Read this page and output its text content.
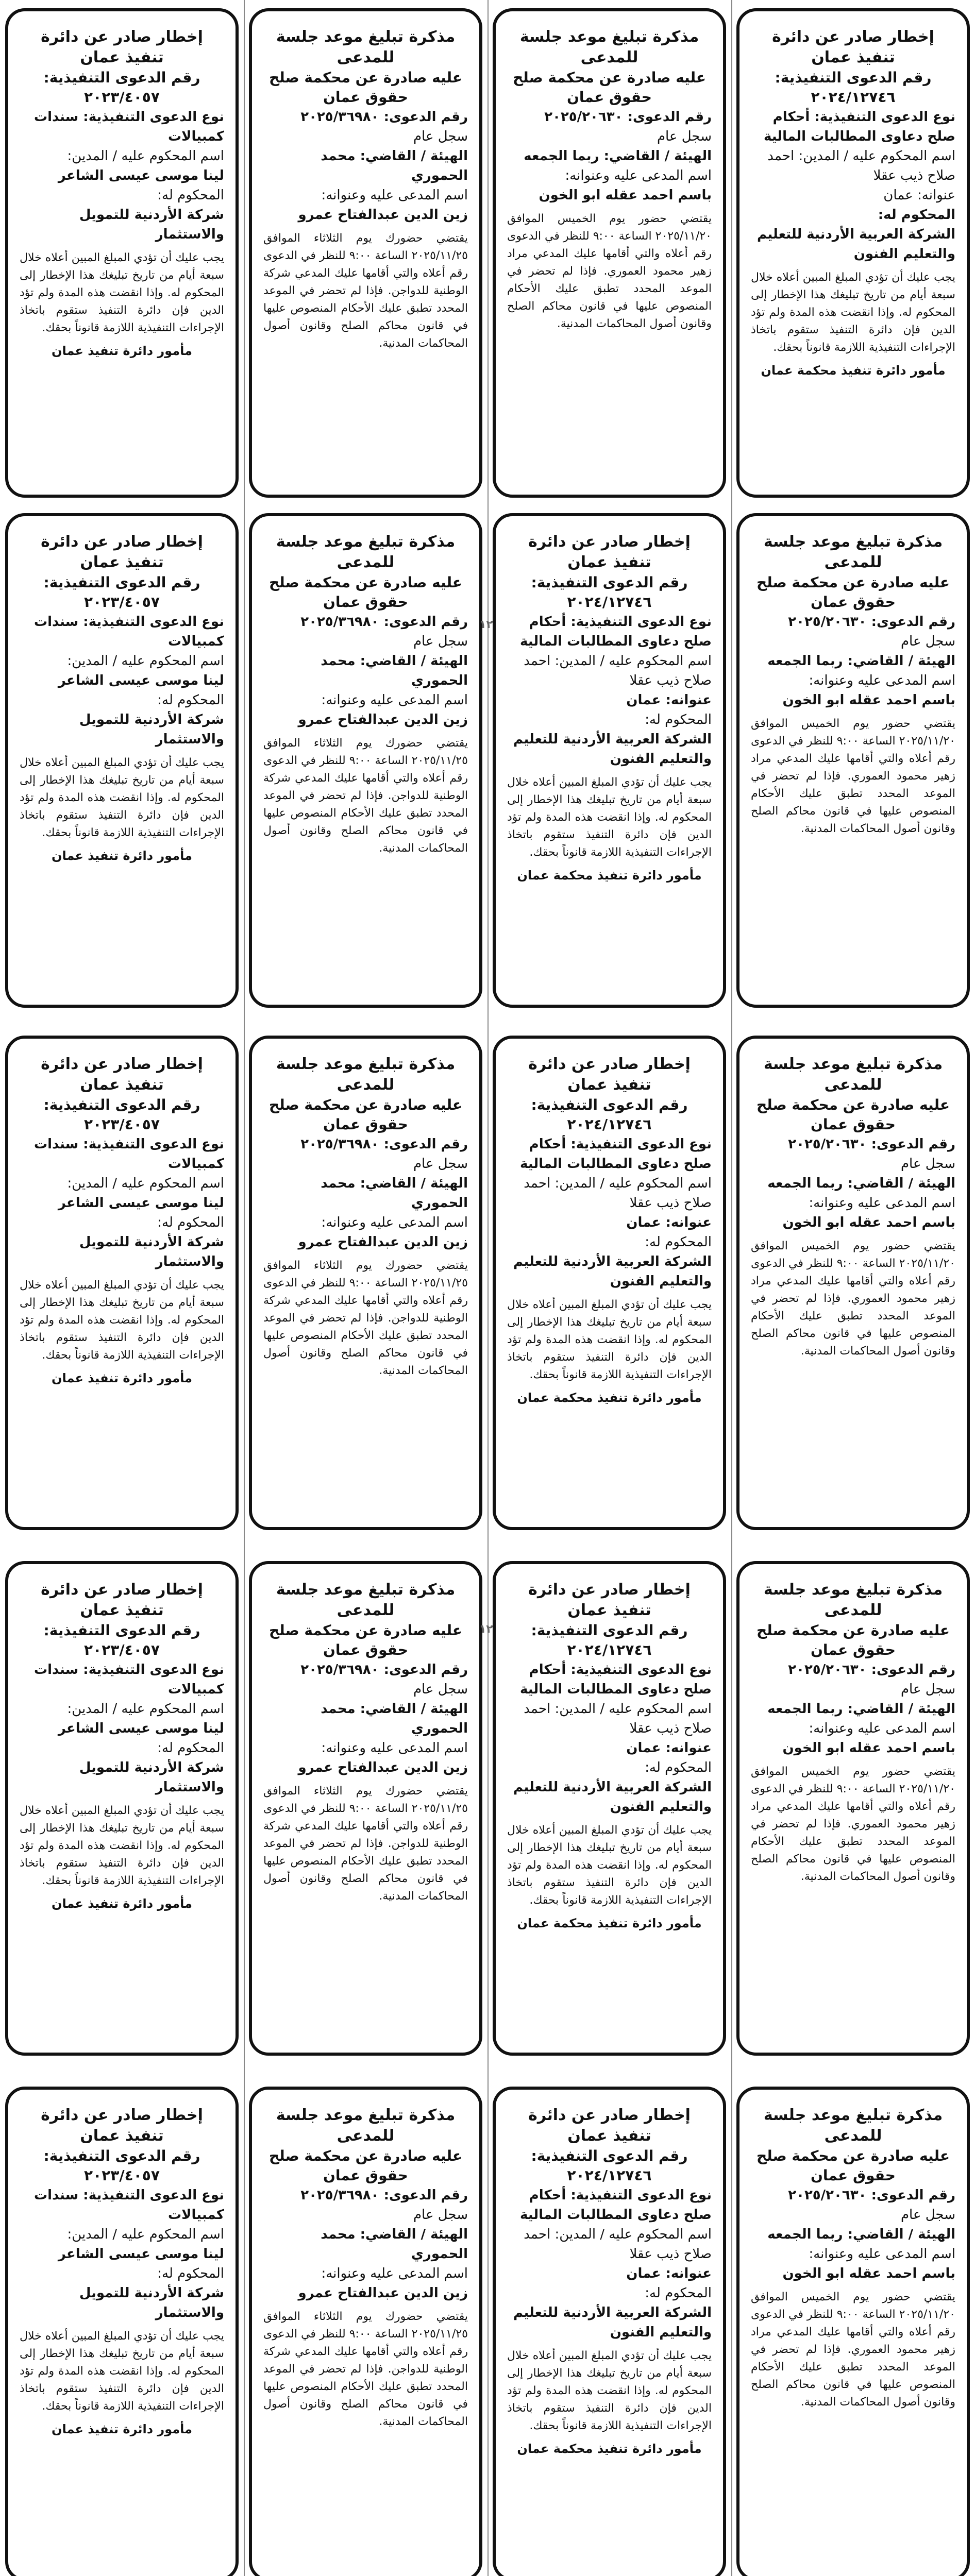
إخطار صادر عن دائرة تنفيذ عمان
رقم الدعوى التنفيذية: ٢٠٢٤/١٢٧٤٦
نوع الدعوى التنفيذية: أحكام صلح دعاوى المطالبات المالية
اسم المحكوم عليه / المدين: احمد صلاح ذيب عقلا
عنوانه: عمان
المحكوم له:
الشركة العربية الأردنية للتعليم والتعليم الفنون
يجب عليك أن تؤدي المبلغ المبين أعلاه خلال سبعة أيام من تاريخ تبليغك هذا الإخطار إلى المحكوم له. وإذا انقضت هذه المدة ولم تؤد الدين فإن دائرة التنفيذ ستقوم باتخاذ الإجراءات التنفيذية اللازمة قانوناً بحقك.
مأمور دائرة تنفيذ محكمة عمان
مذكرة تبليغ موعد جلسة للمدعى
عليه صادرة عن محكمة صلح حقوق عمان
رقم الدعوى: ٢٠٢٥/٢٠٦٣٠
سجل عام
الهيئة / القاضي: ربما الجمعه
اسم المدعى عليه وعنوانه:
باسم احمد عقله ابو الخون
يقتضي حضور يوم الخميس الموافق ٢٠٢٥/١١/٢٠ الساعة ٩:٠٠ للنظر في الدعوى رقم أعلاه والتي أقامها عليك المدعي مراد زهير محمود العموري. فإذا لم تحضر في الموعد المحدد تطبق عليك الأحكام المنصوص عليها في قانون محاكم الصلح وقانون أصول المحاكمات المدنية.
مذكرة تبليغ موعد جلسة للمدعى
عليه صادرة عن محكمة صلح حقوق عمان
رقم الدعوى: ٢٠٢٥/٣٦٩٨٠
سجل عام
الهيئة / القاضي: محمد الحموري
اسم المدعى عليه وعنوانه:
زين الدين عبدالفتاح عمرو
يقتضي حضورك يوم الثلاثاء الموافق ٢٠٢٥/١١/٢٥ الساعة ٩:٠٠ للنظر في الدعوى رقم أعلاه والتي أقامها عليك المدعي شركة الوطنية للدواجن. فإذا لم تحضر في الموعد المحدد تطبق عليك الأحكام المنصوص عليها في قانون محاكم الصلح وقانون أصول المحاكمات المدنية.
إخطار صادر عن دائرة تنفيذ عمان
رقم الدعوى التنفيذية: ٢٠٢٣/٤٠٥٧
نوع الدعوى التنفيذية: سندات كمبيالات
اسم المحكوم عليه / المدين:
لينا موسى عيسى الشاعر
المحكوم له:
شركة الأردنية للتمويل والاستثمار
يجب عليك أن تؤدي المبلغ المبين أعلاه خلال سبعة أيام من تاريخ تبليغك هذا الإخطار إلى المحكوم له. وإذا انقضت هذه المدة ولم تؤد الدين فإن دائرة التنفيذ ستقوم باتخاذ الإجراءات التنفيذية اللازمة قانوناً بحقك.
مأمور دائرة تنفيذ عمان
مذكرة تبليغ موعد جلسة للمدعى
عليه صادرة عن محكمة صلح حقوق عمان
رقم الدعوى: ٢٠٢٥/٢٠٦٣٠
سجل عام
الهيئة / القاضي: ربما الجمعه
اسم المدعى عليه وعنوانه:
باسم احمد عقله ابو الخون
يقتضي حضور يوم الخميس الموافق ٢٠٢٥/١١/٢٠ الساعة ٩:٠٠ للنظر في الدعوى رقم أعلاه والتي أقامها عليك المدعي مراد زهير محمود العموري. فإذا لم تحضر في الموعد المحدد تطبق عليك الأحكام المنصوص عليها في قانون محاكم الصلح وقانون أصول المحاكمات المدنية.
إخطار صادر عن دائرة تنفيذ عمان
رقم الدعوى التنفيذية: ٢٠٢٤/١٢٧٤٦
نوع الدعوى التنفيذية: أحكام صلح دعاوى المطالبات المالية
اسم المحكوم عليه / المدين: احمد صلاح ذيب عقلا
عنوانه: عمان
المحكوم له:
الشركة العربية الأردنية للتعليم والتعليم الفنون
يجب عليك أن تؤدي المبلغ المبين أعلاه خلال سبعة أيام من تاريخ تبليغك هذا الإخطار إلى المحكوم له. وإذا انقضت هذه المدة ولم تؤد الدين فإن دائرة التنفيذ ستقوم باتخاذ الإجراءات التنفيذية اللازمة قانوناً بحقك.
مأمور دائرة تنفيذ محكمة عمان
مذكرة تبليغ موعد جلسة للمدعى
عليه صادرة عن محكمة صلح حقوق عمان
رقم الدعوى: ٢٠٢٥/٣٦٩٨٠
سجل عام
الهيئة / القاضي: محمد الحموري
اسم المدعى عليه وعنوانه:
زين الدين عبدالفتاح عمرو
يقتضي حضورك يوم الثلاثاء الموافق ٢٠٢٥/١١/٢٥ الساعة ٩:٠٠ للنظر في الدعوى رقم أعلاه والتي أقامها عليك المدعي شركة الوطنية للدواجن. فإذا لم تحضر في الموعد المحدد تطبق عليك الأحكام المنصوص عليها في قانون محاكم الصلح وقانون أصول المحاكمات المدنية.
إخطار صادر عن دائرة تنفيذ عمان
رقم الدعوى التنفيذية: ٢٠٢٣/٤٠٥٧
نوع الدعوى التنفيذية: سندات كمبيالات
اسم المحكوم عليه / المدين:
لينا موسى عيسى الشاعر
المحكوم له:
شركة الأردنية للتمويل والاستثمار
يجب عليك أن تؤدي المبلغ المبين أعلاه خلال سبعة أيام من تاريخ تبليغك هذا الإخطار إلى المحكوم له. وإذا انقضت هذه المدة ولم تؤد الدين فإن دائرة التنفيذ ستقوم باتخاذ الإجراءات التنفيذية اللازمة قانوناً بحقك.
مأمور دائرة تنفيذ عمان
مذكرة تبليغ موعد جلسة للمدعى
عليه صادرة عن محكمة صلح حقوق عمان
رقم الدعوى: ٢٠٢٥/٢٠٦٣٠
سجل عام
الهيئة / القاضي: ربما الجمعه
اسم المدعى عليه وعنوانه:
باسم احمد عقله ابو الخون
يقتضي حضور يوم الخميس الموافق ٢٠٢٥/١١/٢٠ الساعة ٩:٠٠ للنظر في الدعوى رقم أعلاه والتي أقامها عليك المدعي مراد زهير محمود العموري. فإذا لم تحضر في الموعد المحدد تطبق عليك الأحكام المنصوص عليها في قانون محاكم الصلح وقانون أصول المحاكمات المدنية.
إخطار صادر عن دائرة تنفيذ عمان
رقم الدعوى التنفيذية: ٢٠٢٤/١٢٧٤٦
نوع الدعوى التنفيذية: أحكام صلح دعاوى المطالبات المالية
اسم المحكوم عليه / المدين: احمد صلاح ذيب عقلا
عنوانه: عمان
المحكوم له:
الشركة العربية الأردنية للتعليم والتعليم الفنون
يجب عليك أن تؤدي المبلغ المبين أعلاه خلال سبعة أيام من تاريخ تبليغك هذا الإخطار إلى المحكوم له. وإذا انقضت هذه المدة ولم تؤد الدين فإن دائرة التنفيذ ستقوم باتخاذ الإجراءات التنفيذية اللازمة قانوناً بحقك.
مأمور دائرة تنفيذ محكمة عمان
مذكرة تبليغ موعد جلسة للمدعى
عليه صادرة عن محكمة صلح حقوق عمان
رقم الدعوى: ٢٠٢٥/٣٦٩٨٠
سجل عام
الهيئة / القاضي: محمد الحموري
اسم المدعى عليه وعنوانه:
زين الدين عبدالفتاح عمرو
يقتضي حضورك يوم الثلاثاء الموافق ٢٠٢٥/١١/٢٥ الساعة ٩:٠٠ للنظر في الدعوى رقم أعلاه والتي أقامها عليك المدعي شركة الوطنية للدواجن. فإذا لم تحضر في الموعد المحدد تطبق عليك الأحكام المنصوص عليها في قانون محاكم الصلح وقانون أصول المحاكمات المدنية.
إخطار صادر عن دائرة تنفيذ عمان
رقم الدعوى التنفيذية: ٢٠٢٣/٤٠٥٧
نوع الدعوى التنفيذية: سندات كمبيالات
اسم المحكوم عليه / المدين:
لينا موسى عيسى الشاعر
المحكوم له:
شركة الأردنية للتمويل والاستثمار
يجب عليك أن تؤدي المبلغ المبين أعلاه خلال سبعة أيام من تاريخ تبليغك هذا الإخطار إلى المحكوم له. وإذا انقضت هذه المدة ولم تؤد الدين فإن دائرة التنفيذ ستقوم باتخاذ الإجراءات التنفيذية اللازمة قانوناً بحقك.
مأمور دائرة تنفيذ عمان
مذكرة تبليغ موعد جلسة للمدعى
عليه صادرة عن محكمة صلح حقوق عمان
رقم الدعوى: ٢٠٢٥/٢٠٦٣٠
سجل عام
الهيئة / القاضي: ربما الجمعه
اسم المدعى عليه وعنوانه:
باسم احمد عقله ابو الخون
يقتضي حضور يوم الخميس الموافق ٢٠٢٥/١١/٢٠ الساعة ٩:٠٠ للنظر في الدعوى رقم أعلاه والتي أقامها عليك المدعي مراد زهير محمود العموري. فإذا لم تحضر في الموعد المحدد تطبق عليك الأحكام المنصوص عليها في قانون محاكم الصلح وقانون أصول المحاكمات المدنية.
إخطار صادر عن دائرة تنفيذ عمان
رقم الدعوى التنفيذية: ٢٠٢٤/١٢٧٤٦
نوع الدعوى التنفيذية: أحكام صلح دعاوى المطالبات المالية
اسم المحكوم عليه / المدين: احمد صلاح ذيب عقلا
عنوانه: عمان
المحكوم له:
الشركة العربية الأردنية للتعليم والتعليم الفنون
يجب عليك أن تؤدي المبلغ المبين أعلاه خلال سبعة أيام من تاريخ تبليغك هذا الإخطار إلى المحكوم له. وإذا انقضت هذه المدة ولم تؤد الدين فإن دائرة التنفيذ ستقوم باتخاذ الإجراءات التنفيذية اللازمة قانوناً بحقك.
مأمور دائرة تنفيذ محكمة عمان
مذكرة تبليغ موعد جلسة للمدعى
عليه صادرة عن محكمة صلح حقوق عمان
رقم الدعوى: ٢٠٢٥/٣٦٩٨٠
سجل عام
الهيئة / القاضي: محمد الحموري
اسم المدعى عليه وعنوانه:
زين الدين عبدالفتاح عمرو
يقتضي حضورك يوم الثلاثاء الموافق ٢٠٢٥/١١/٢٥ الساعة ٩:٠٠ للنظر في الدعوى رقم أعلاه والتي أقامها عليك المدعي شركة الوطنية للدواجن. فإذا لم تحضر في الموعد المحدد تطبق عليك الأحكام المنصوص عليها في قانون محاكم الصلح وقانون أصول المحاكمات المدنية.
إخطار صادر عن دائرة تنفيذ عمان
رقم الدعوى التنفيذية: ٢٠٢٣/٤٠٥٧
نوع الدعوى التنفيذية: سندات كمبيالات
اسم المحكوم عليه / المدين:
لينا موسى عيسى الشاعر
المحكوم له:
شركة الأردنية للتمويل والاستثمار
يجب عليك أن تؤدي المبلغ المبين أعلاه خلال سبعة أيام من تاريخ تبليغك هذا الإخطار إلى المحكوم له. وإذا انقضت هذه المدة ولم تؤد الدين فإن دائرة التنفيذ ستقوم باتخاذ الإجراءات التنفيذية اللازمة قانوناً بحقك.
مأمور دائرة تنفيذ عمان
مذكرة تبليغ موعد جلسة للمدعى
عليه صادرة عن محكمة صلح حقوق عمان
رقم الدعوى: ٢٠٢٥/٢٠٦٣٠
سجل عام
الهيئة / القاضي: ربما الجمعه
اسم المدعى عليه وعنوانه:
باسم احمد عقله ابو الخون
يقتضي حضور يوم الخميس الموافق ٢٠٢٥/١١/٢٠ الساعة ٩:٠٠ للنظر في الدعوى رقم أعلاه والتي أقامها عليك المدعي مراد زهير محمود العموري. فإذا لم تحضر في الموعد المحدد تطبق عليك الأحكام المنصوص عليها في قانون محاكم الصلح وقانون أصول المحاكمات المدنية.
إخطار صادر عن دائرة تنفيذ عمان
رقم الدعوى التنفيذية: ٢٠٢٤/١٢٧٤٦
نوع الدعوى التنفيذية: أحكام صلح دعاوى المطالبات المالية
اسم المحكوم عليه / المدين: احمد صلاح ذيب عقلا
عنوانه: عمان
المحكوم له:
الشركة العربية الأردنية للتعليم والتعليم الفنون
يجب عليك أن تؤدي المبلغ المبين أعلاه خلال سبعة أيام من تاريخ تبليغك هذا الإخطار إلى المحكوم له. وإذا انقضت هذه المدة ولم تؤد الدين فإن دائرة التنفيذ ستقوم باتخاذ الإجراءات التنفيذية اللازمة قانوناً بحقك.
مأمور دائرة تنفيذ محكمة عمان
مذكرة تبليغ موعد جلسة للمدعى
عليه صادرة عن محكمة صلح حقوق عمان
رقم الدعوى: ٢٠٢٥/٣٦٩٨٠
سجل عام
الهيئة / القاضي: محمد الحموري
اسم المدعى عليه وعنوانه:
زين الدين عبدالفتاح عمرو
يقتضي حضورك يوم الثلاثاء الموافق ٢٠٢٥/١١/٢٥ الساعة ٩:٠٠ للنظر في الدعوى رقم أعلاه والتي أقامها عليك المدعي شركة الوطنية للدواجن. فإذا لم تحضر في الموعد المحدد تطبق عليك الأحكام المنصوص عليها في قانون محاكم الصلح وقانون أصول المحاكمات المدنية.
إخطار صادر عن دائرة تنفيذ عمان
رقم الدعوى التنفيذية: ٢٠٢٣/٤٠٥٧
نوع الدعوى التنفيذية: سندات كمبيالات
اسم المحكوم عليه / المدين:
لينا موسى عيسى الشاعر
المحكوم له:
شركة الأردنية للتمويل والاستثمار
يجب عليك أن تؤدي المبلغ المبين أعلاه خلال سبعة أيام من تاريخ تبليغك هذا الإخطار إلى المحكوم له. وإذا انقضت هذه المدة ولم تؤد الدين فإن دائرة التنفيذ ستقوم باتخاذ الإجراءات التنفيذية اللازمة قانوناً بحقك.
مأمور دائرة تنفيذ عمان
١٢
١٢
